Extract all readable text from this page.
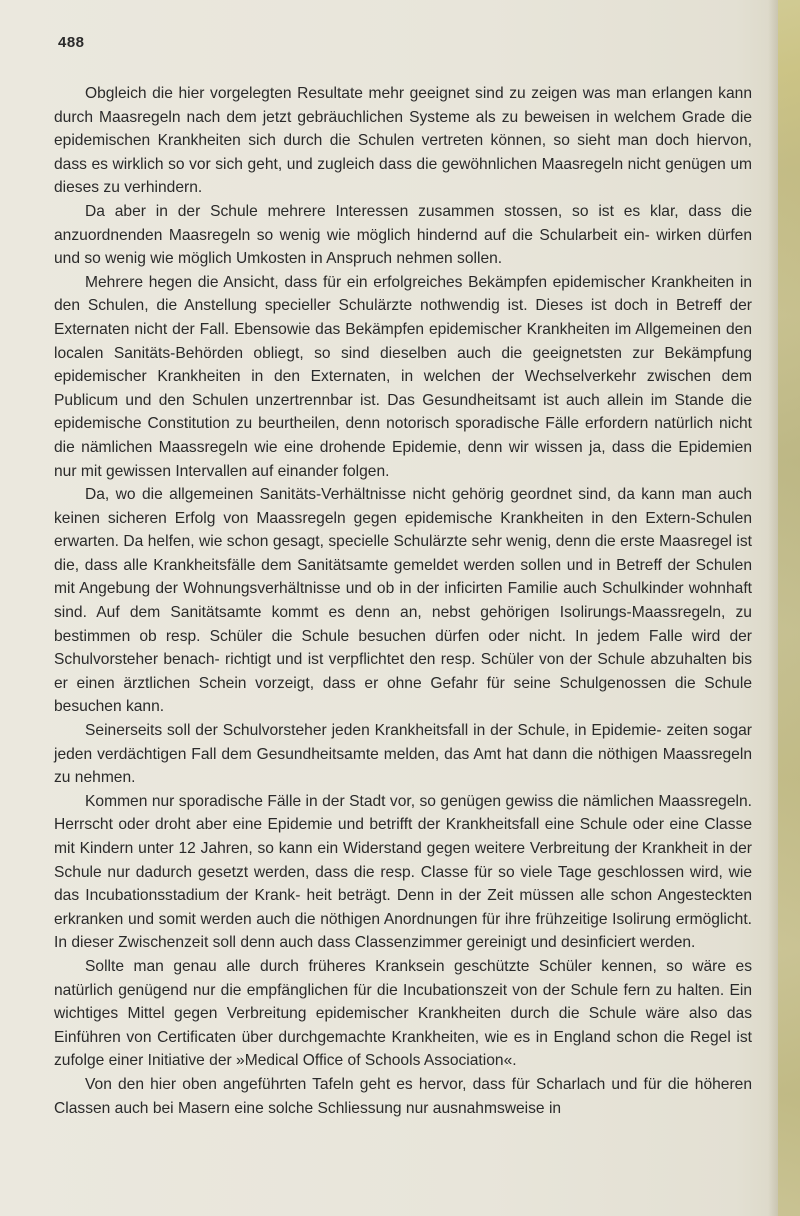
488

Obgleich die hier vorgelegten Resultate mehr geeignet sind zu zeigen was man erlangen kann durch Maasregeln nach dem jetzt gebräuchlichen Systeme als zu beweisen in welchem Grade die epidemischen Krankheiten sich durch die Schulen vertreten können, so sieht man doch hiervon, dass es wirklich so vor sich geht, und zugleich dass die gewöhnlichen Maasregeln nicht genügen um dieses zu verhindern.

Da aber in der Schule mehrere Interessen zusammen stossen, so ist es klar, dass die anzuordnenden Maasregeln so wenig wie möglich hindernd auf die Schularbeit ein- wirken dürfen und so wenig wie möglich Umkosten in Anspruch nehmen sollen.

Mehrere hegen die Ansicht, dass für ein erfolgreiches Bekämpfen epidemischer Krankheiten in den Schulen, die Anstellung specieller Schulärzte nothwendig ist. Dieses ist doch in Betreff der Externaten nicht der Fall. Ebensowie das Bekämpfen epidemischer Krankheiten im Allgemeinen den localen Sanitäts-Behörden obliegt, so sind dieselben auch die geeignetsten zur Bekämpfung epidemischer Krankheiten in den Externaten, in welchen der Wechselverkehr zwischen dem Publicum und den Schulen unzertrennbar ist. Das Gesundheitsamt ist auch allein im Stande die epidemische Constitution zu beurtheilen, denn notorisch sporadische Fälle erfordern natürlich nicht die nämlichen Maassregeln wie eine drohende Epidemie, denn wir wissen ja, dass die Epidemien nur mit gewissen Intervallen auf einander folgen.

Da, wo die allgemeinen Sanitäts-Verhältnisse nicht gehörig geordnet sind, da kann man auch keinen sicheren Erfolg von Maassregeln gegen epidemische Krankheiten in den Extern-Schulen erwarten. Da helfen, wie schon gesagt, specielle Schulärzte sehr wenig, denn die erste Maasregel ist die, dass alle Krankheitsfälle dem Sanitätsamte gemeldet werden sollen und in Betreff der Schulen mit Angebung der Wohnungsverhältnisse und ob in der inficirten Familie auch Schulkinder wohnhaft sind. Auf dem Sanitätsamte kommt es denn an, nebst gehörigen Isolirungs-Maassregeln, zu bestimmen ob resp. Schüler die Schule besuchen dürfen oder nicht. In jedem Falle wird der Schulvorsteher benach- richtigt und ist verpflichtet den resp. Schüler von der Schule abzuhalten bis er einen ärztlichen Schein vorzeigt, dass er ohne Gefahr für seine Schulgenossen die Schule besuchen kann.

Seinerseits soll der Schulvorsteher jeden Krankheitsfall in der Schule, in Epidemie- zeiten sogar jeden verdächtigen Fall dem Gesundheitsamte melden, das Amt hat dann die nöthigen Maassregeln zu nehmen.

Kommen nur sporadische Fälle in der Stadt vor, so genügen gewiss die nämlichen Maassregeln. Herrscht oder droht aber eine Epidemie und betrifft der Krankheitsfall eine Schule oder eine Classe mit Kindern unter 12 Jahren, so kann ein Widerstand gegen weitere Verbreitung der Krankheit in der Schule nur dadurch gesetzt werden, dass die resp. Classe für so viele Tage geschlossen wird, wie das Incubationsstadium der Krank- heit beträgt. Denn in der Zeit müssen alle schon Angesteckten erkranken und somit werden auch die nöthigen Anordnungen für ihre frühzeitige Isolirung ermöglicht. In dieser Zwischenzeit soll denn auch dass Classenzimmer gereinigt und desinficiert werden.

Sollte man genau alle durch früheres Kranksein geschützte Schüler kennen, so wäre es natürlich genügend nur die empfänglichen für die Incubationszeit von der Schule fern zu halten. Ein wichtiges Mittel gegen Verbreitung epidemischer Krankheiten durch die Schule wäre also das Einführen von Certificaten über durchgemachte Krankheiten, wie es in England schon die Regel ist zufolge einer Initiative der »Medical Office of Schools Association«.

Von den hier oben angeführten Tafeln geht es hervor, dass für Scharlach und für die höheren Classen auch bei Masern eine solche Schliessung nur ausnahmsweise in
